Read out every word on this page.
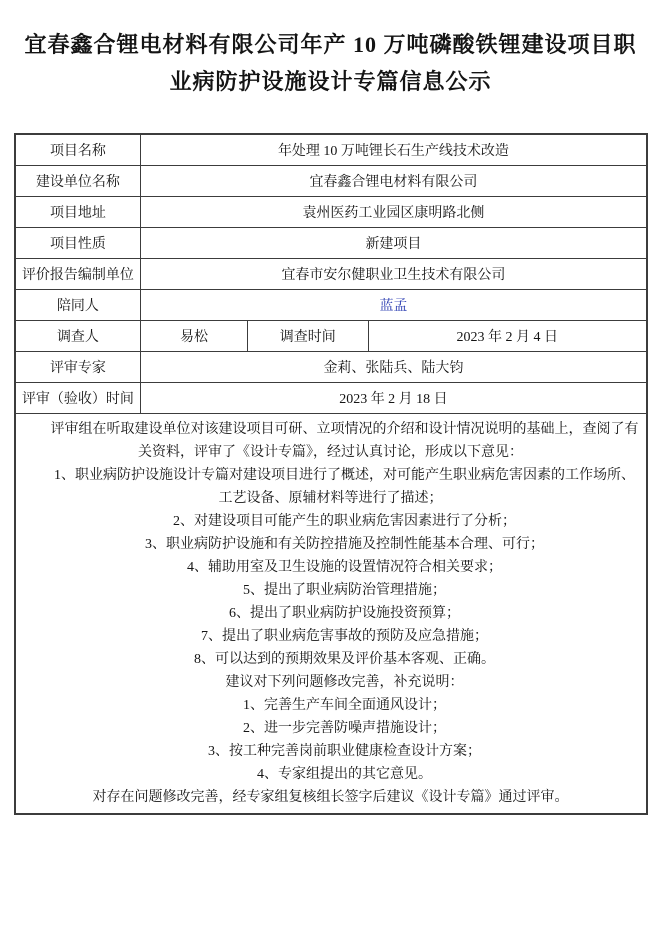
宜春鑫合锂电材料有限公司年产 10 万吨磷酸铁锂建设项目职业病防护设施设计专篇信息公示
项目名称	年处理 10 万吨锂长石生产线技术改造		
建设单位名称	宜春鑫合锂电材料有限公司		
项目地址	袁州医药工业园区康明路北侧		
项目性质	新建项目		
评价报告编制单位	宜春市安尔健职业卫生技术有限公司		
陪同人	蓝孟		
调查人	易松	调查时间	2023 年 2 月 4 日
评审专家	金莉、张陆兵、陆大钧		
评审（验收）时间	2023 年 2 月 18 日		

评审组在听取建设单位对该建设项目可研、立项情况的介绍和设计情况说明的基础上，查阅了有关资料，评审了《设计专篇》，经过认真讨论，形成以下意见：

1、职业病防护设施设计专篇对建设项目进行了概述，对可能产生职业病危害因素的工作场所、工艺设备、原辅材料等进行了描述；

2、对建设项目可能产生的职业病危害因素进行了分析；

3、职业病防护设施和有关防控措施及控制性能基本合理、可行；

4、辅助用室及卫生设施的设置情况符合相关要求；

5、提出了职业病防治管理措施；

6、提出了职业病防护设施投资预算；

7、提出了职业病危害事故的预防及应急措施；

8、可以达到的预期效果及评价基本客观、正确。

建议对下列问题修改完善，补充说明：

1、完善生产车间全面通风设计；

2、进一步完善防噪声措施设计；

3、按工种完善岗前职业健康检查设计方案；

4、专家组提出的其它意见。

对存在问题修改完善，经专家组复核组长签字后建议《设计专篇》通过评审。
